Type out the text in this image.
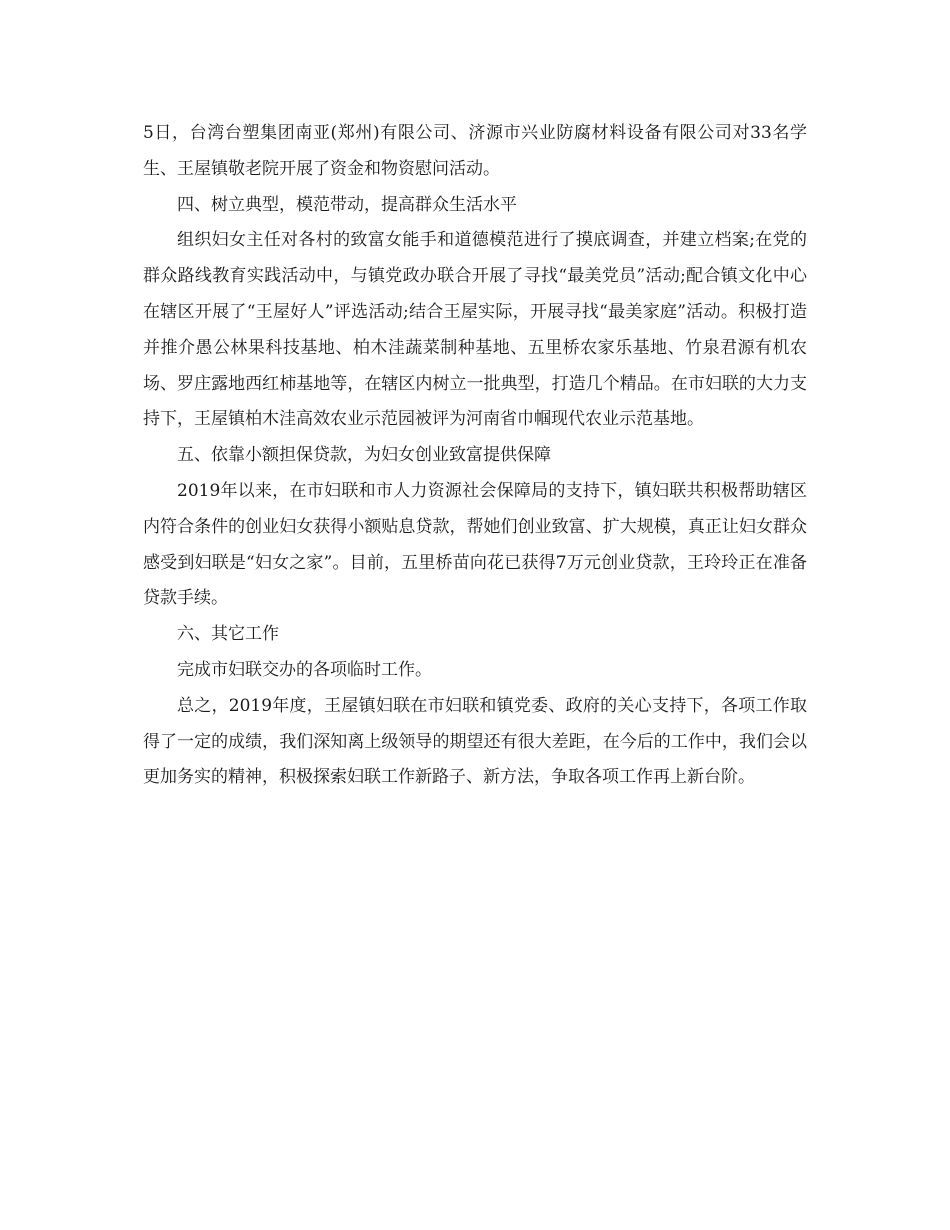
5日，台湾台塑集团南亚(郑州)有限公司、济源市兴业防腐材料设备有限公司对33名学生、王屋镇敬老院开展了资金和物资慰问活动。

四、树立典型，模范带动，提高群众生活水平

组织妇女主任对各村的致富女能手和道德模范进行了摸底调查，并建立档案;在党的群众路线教育实践活动中，与镇党政办联合开展了寻找“最美党员”活动;配合镇文化中心在辖区开展了“王屋好人”评选活动;结合王屋实际，开展寻找“最美家庭”活动。积极打造并推介愚公林果科技基地、柏木洼蔬菜制种基地、五里桥农家乐基地、竹泉君源有机农场、罗庄露地西红柿基地等，在辖区内树立一批典型，打造几个精品。在市妇联的大力支持下，王屋镇柏木洼高效农业示范园被评为河南省巾帼现代农业示范基地。

五、依靠小额担保贷款，为妇女创业致富提供保障

2019年以来，在市妇联和市人力资源社会保障局的支持下，镇妇联共积极帮助辖区内符合条件的创业妇女获得小额贴息贷款，帮她们创业致富、扩大规模，真正让妇女群众感受到妇联是“妇女之家”。目前，五里桥苗向花已获得7万元创业贷款，王玲玲正在准备贷款手续。

六、其它工作

完成市妇联交办的各项临时工作。

总之，2019年度，王屋镇妇联在市妇联和镇党委、政府的关心支持下，各项工作取得了一定的成绩，我们深知离上级领导的期望还有很大差距，在今后的工作中，我们会以更加务实的精神，积极探索妇联工作新路子、新方法，争取各项工作再上新台阶。
